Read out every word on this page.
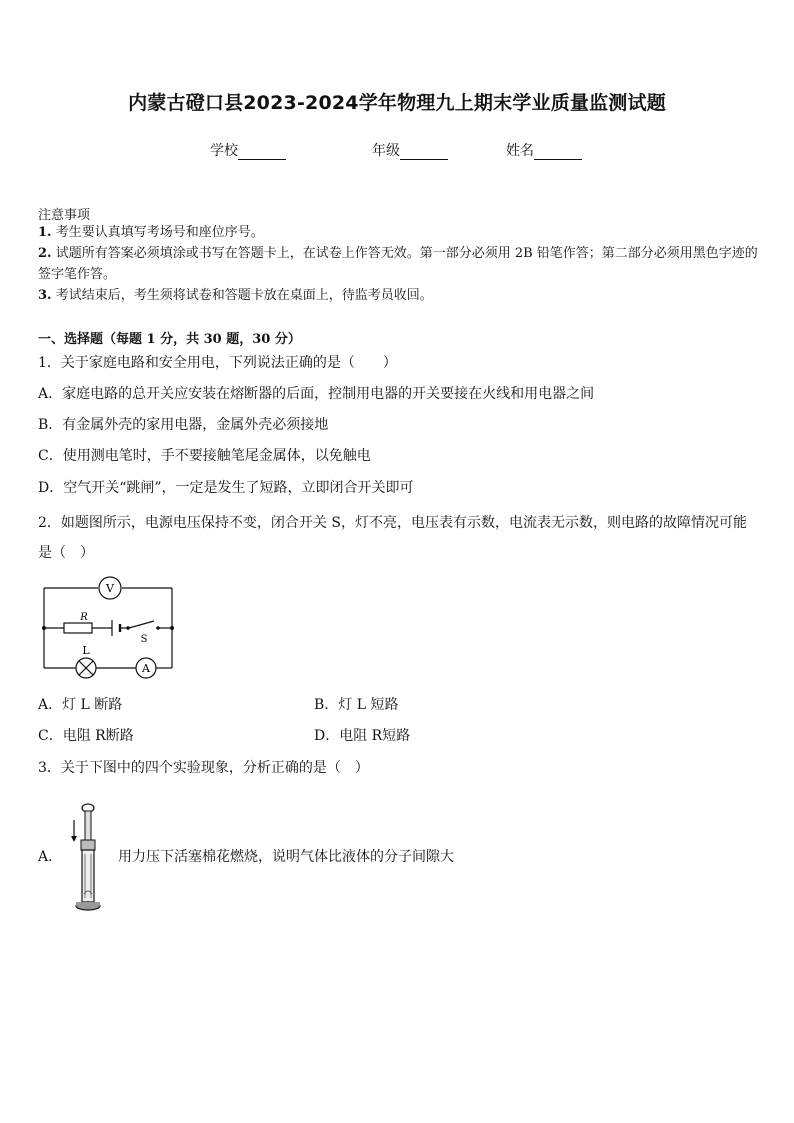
内蒙古磴口县2023-2024学年物理九上期末学业质量监测试题
学校	年级	姓名
注意事项
1. 考生要认真填写考场号和座位序号。
2. 试题所有答案必须填涂或书写在答题卡上，在试卷上作答无效。第一部分必须用 2B 铅笔作答；第二部分必须用黑色字迹的签字笔作答。
3. 考试结束后，考生须将试卷和答题卡放在桌面上，待监考员收回。
一、选择题（每题 1 分，共 30 题，30 分）
1．关于家庭电路和安全用电，下列说法正确的是（　　）
A．家庭电路的总开关应安装在熔断器的后面，控制用电器的开关要接在火线和用电器之间
B．有金属外壳的家用电器，金属外壳必须接地
C．使用测电笔时，手不要接触笔尾金属体，以免触电
D．空气开关“跳闸”，一定是发生了短路，立即闭合开关即可
2．如题图所示，电源电压保持不变，闭合开关 S，灯不亮，电压表有示数，电流表无示数，则电路的故障情况可能是（　）
V
R
S
L
A
A．灯 L 断路	B．灯 L 短路
C．电阻 R断路	D．电阻 R短路
3．关于下图中的四个实验现象，分析正确的是（　）
A．	用力压下活塞棉花燃烧，说明气体比液体的分子间隙大
